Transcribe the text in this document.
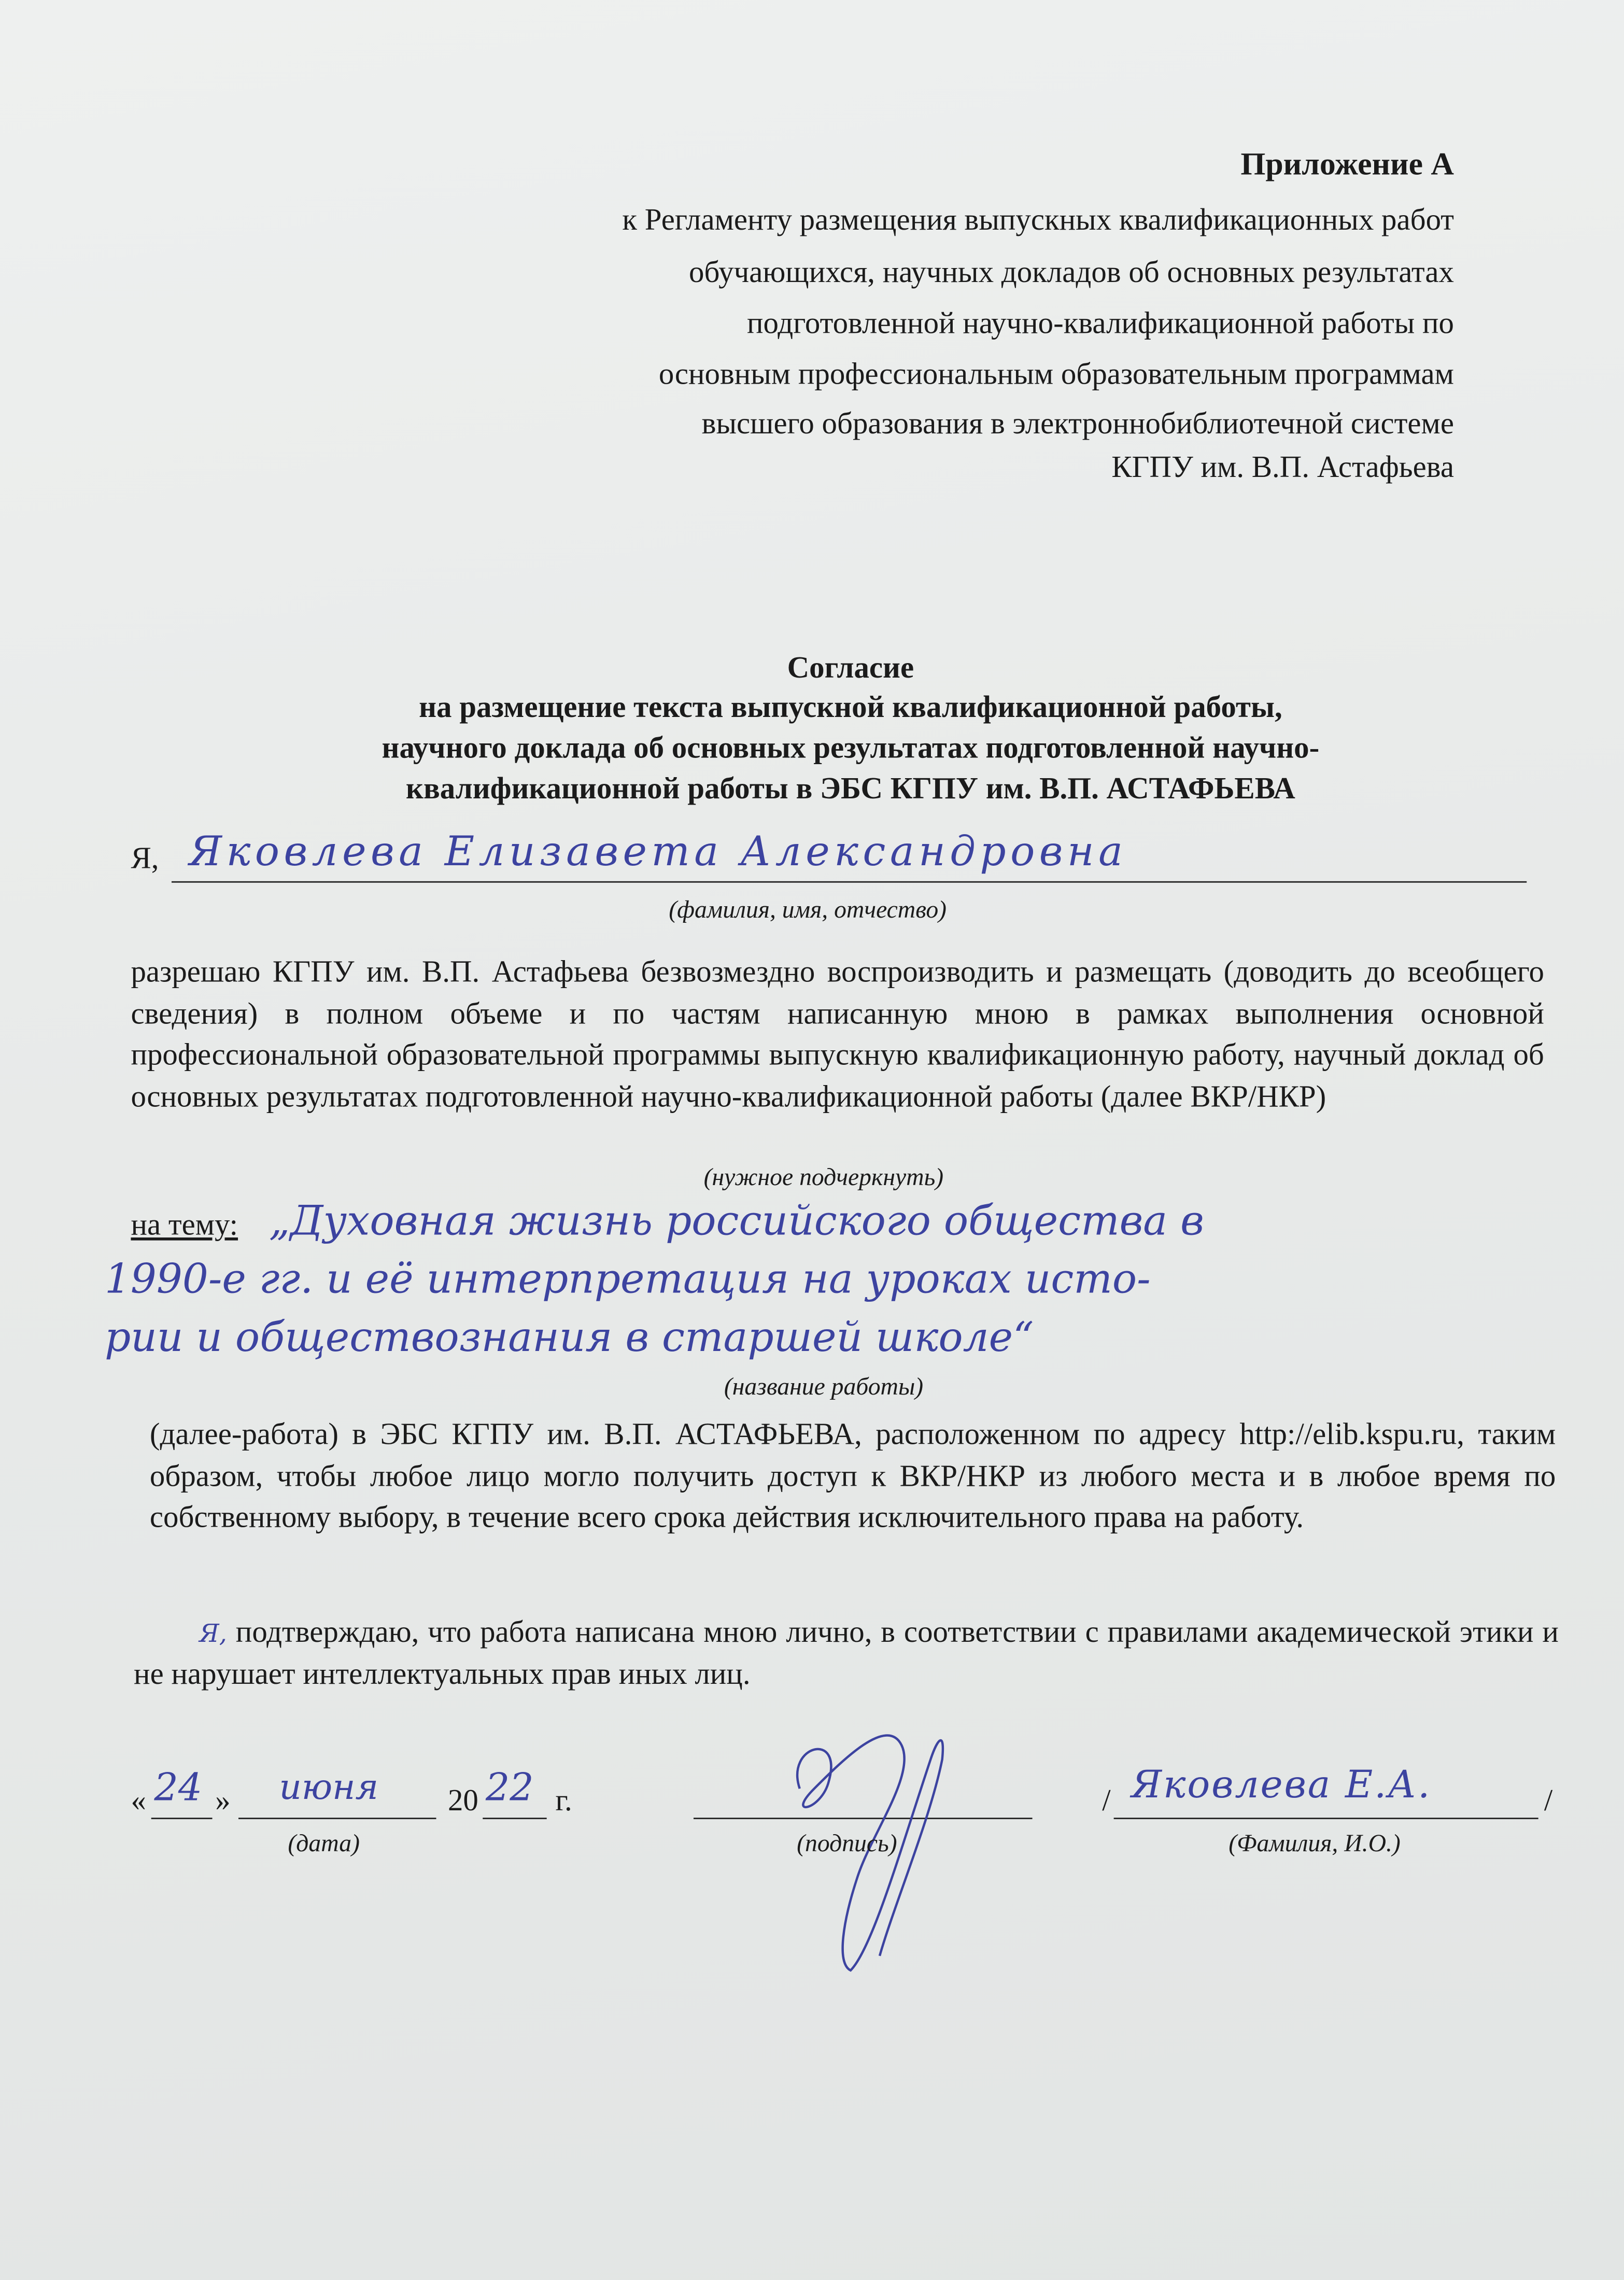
Приложение А
к Регламенту размещения выпускных квалификационных работ
обучающихся, научных докладов об основных результатах
подготовленной научно-квалификационной работы по
основным профессиональным образовательным программам
высшего образования в электроннобиблиотечной системе
КГПУ им. В.П. Астафьева
Согласие
на размещение текста выпускной квалификационной работы,
научного доклада об основных результатах подготовленной научно-
квалификационной работы в ЭБС КГПУ им. В.П. АСТАФЬЕВА
Я, Яковлева Елизавета Александровна
(фамилия, имя, отчество)
разрешаю КГПУ им. В.П. Астафьева безвозмездно воспроизводить и размещать (доводить до всеобщего сведения) в полном объеме и по частям написанную мною в рамках выполнения основной профессиональной образовательной программы выпускную квалификационную работу, научный доклад об основных результатах подготовленной научно-квалификационной работы (далее ВКР/НКР)
(нужное подчеркнуть)
на тему: „Духовная жизнь российского общества в
1990-е гг. и её интерпретация на уроках исто-
рии и обществознания в старшей школе“
(название работы)
(далее-работа) в ЭБС КГПУ им. В.П. АСТАФЬЕВА, расположенном по адресу http://elib.kspu.ru, таким образом, чтобы любое лицо могло получить доступ к ВКР/НКР из любого места и в любое время по собственному выбору, в течение всего срока действия исключительного права на работу.
Я, подтверждаю, что работа написана мною лично, в соответствии с правилами академической этики и не нарушает интеллектуальных прав иных лиц.
« 24 »	июня	20 22 г.	/ Яковлева Е.А.	/
(дата)	(подпись)	(Фамилия, И.О.)
